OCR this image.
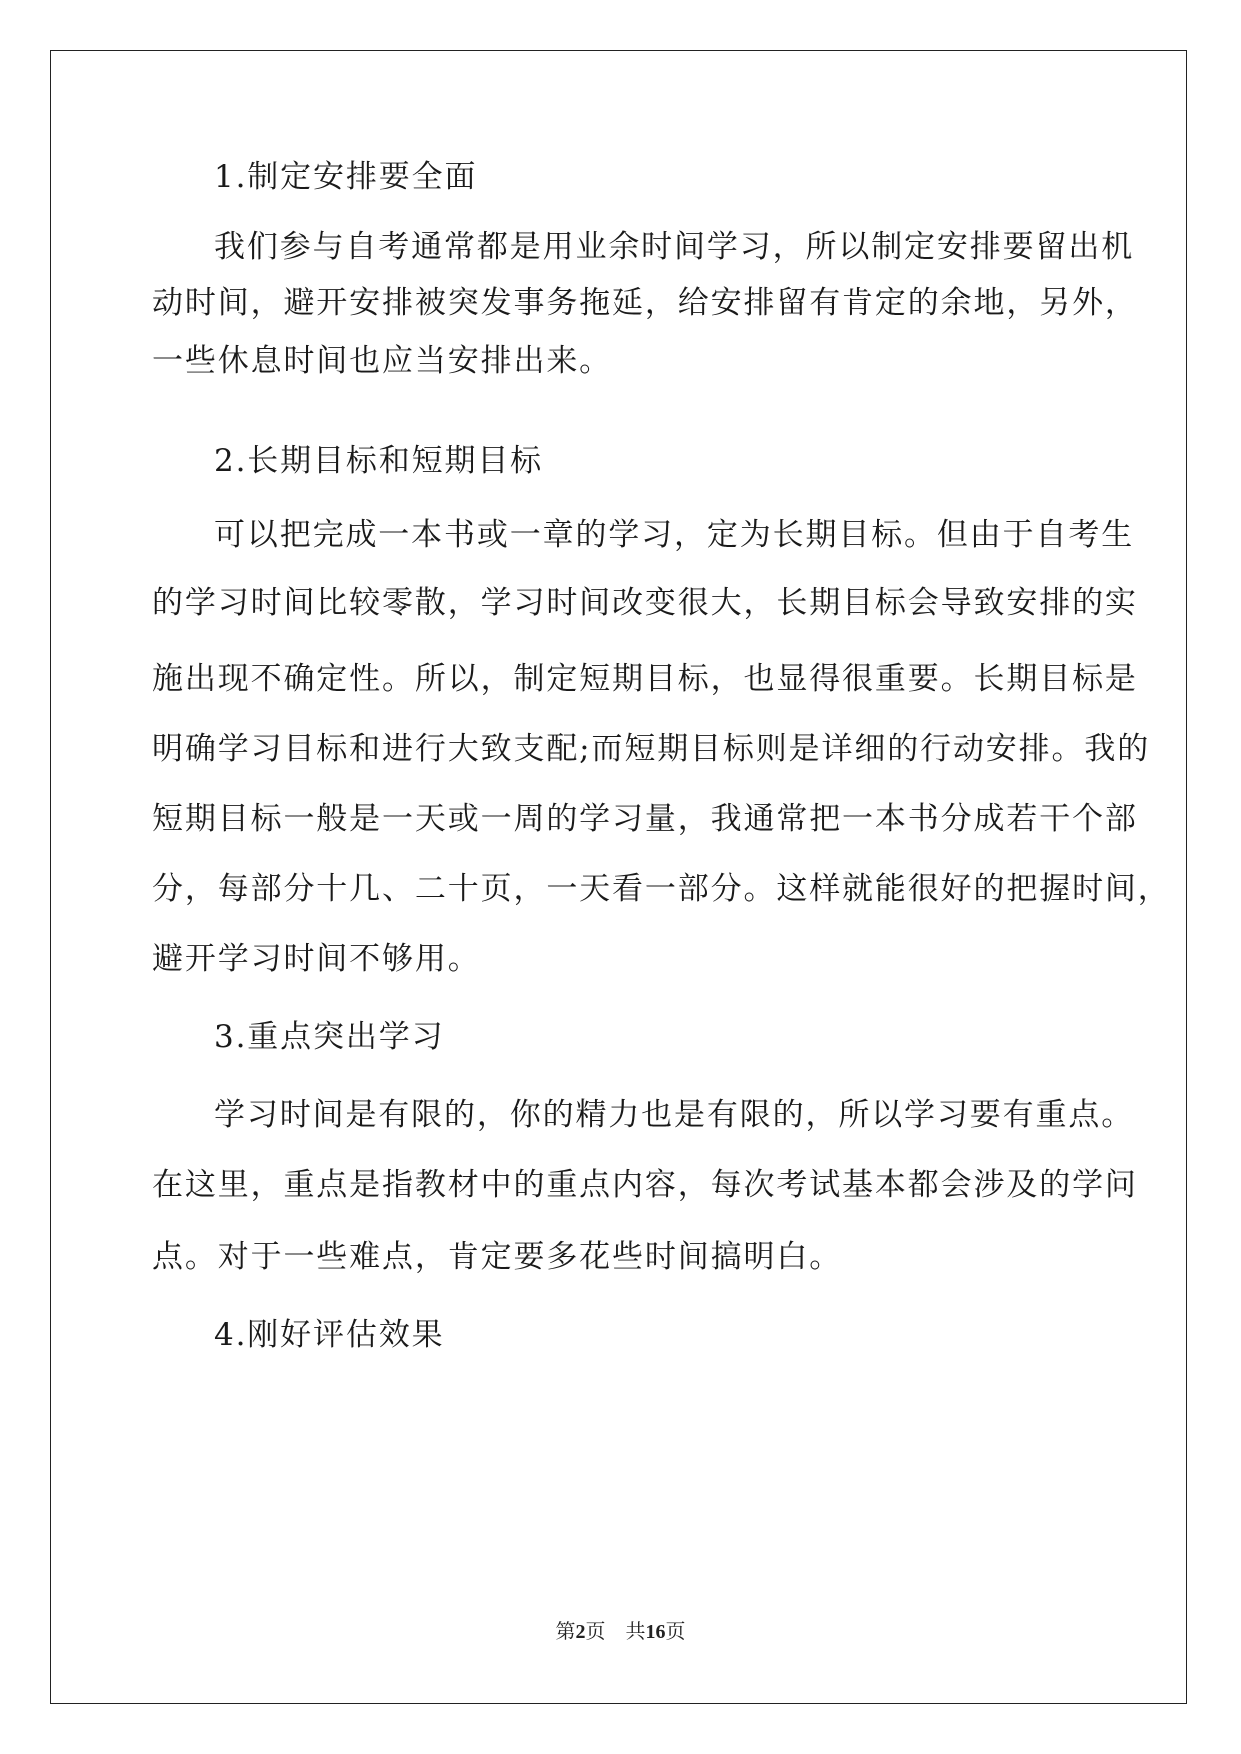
1.制定安排要全面
我们参与自考通常都是用业余时间学习，所以制定安排要留出机
动时间，避开安排被突发事务拖延，给安排留有肯定的余地，另外，
一些休息时间也应当安排出来。
2.长期目标和短期目标
可以把完成一本书或一章的学习，定为长期目标。但由于自考生
的学习时间比较零散，学习时间改变很大，长期目标会导致安排的实
施出现不确定性。所以，制定短期目标，也显得很重要。长期目标是
明确学习目标和进行大致支配;而短期目标则是详细的行动安排。我的
短期目标一般是一天或一周的学习量，我通常把一本书分成若干个部
分，每部分十几、二十页，一天看一部分。这样就能很好的把握时间，
避开学习时间不够用。
3.重点突出学习
学习时间是有限的，你的精力也是有限的，所以学习要有重点。
在这里，重点是指教材中的重点内容，每次考试基本都会涉及的学问
点。对于一些难点，肯定要多花些时间搞明白。
4.刚好评估效果
第2页 共16页
